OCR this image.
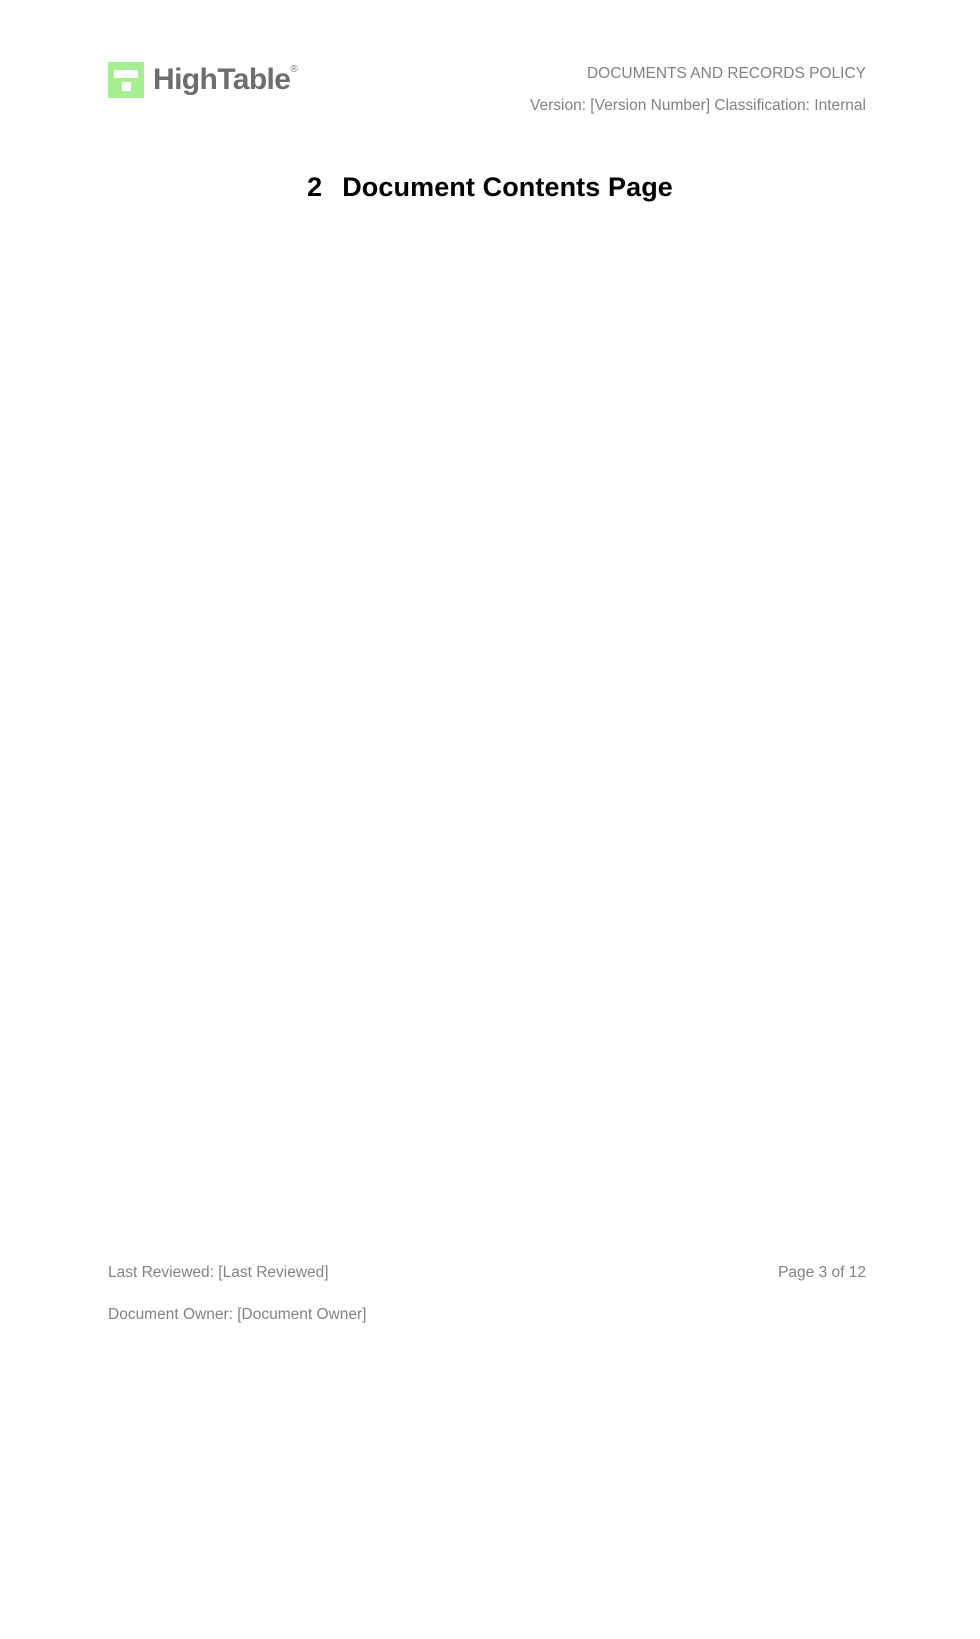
HighTable®	DOCUMENTS AND RECORDS POLICY
Version: [Version Number] Classification: Internal
2 Document Contents Page
.....
.....
.....
.....
.....
.....
.....
.....
.....
.....
.....
.....
.....
.....
.....
Last Reviewed: [Last Reviewed]	Page 3 of 12
Document Owner: [Document Owner]
